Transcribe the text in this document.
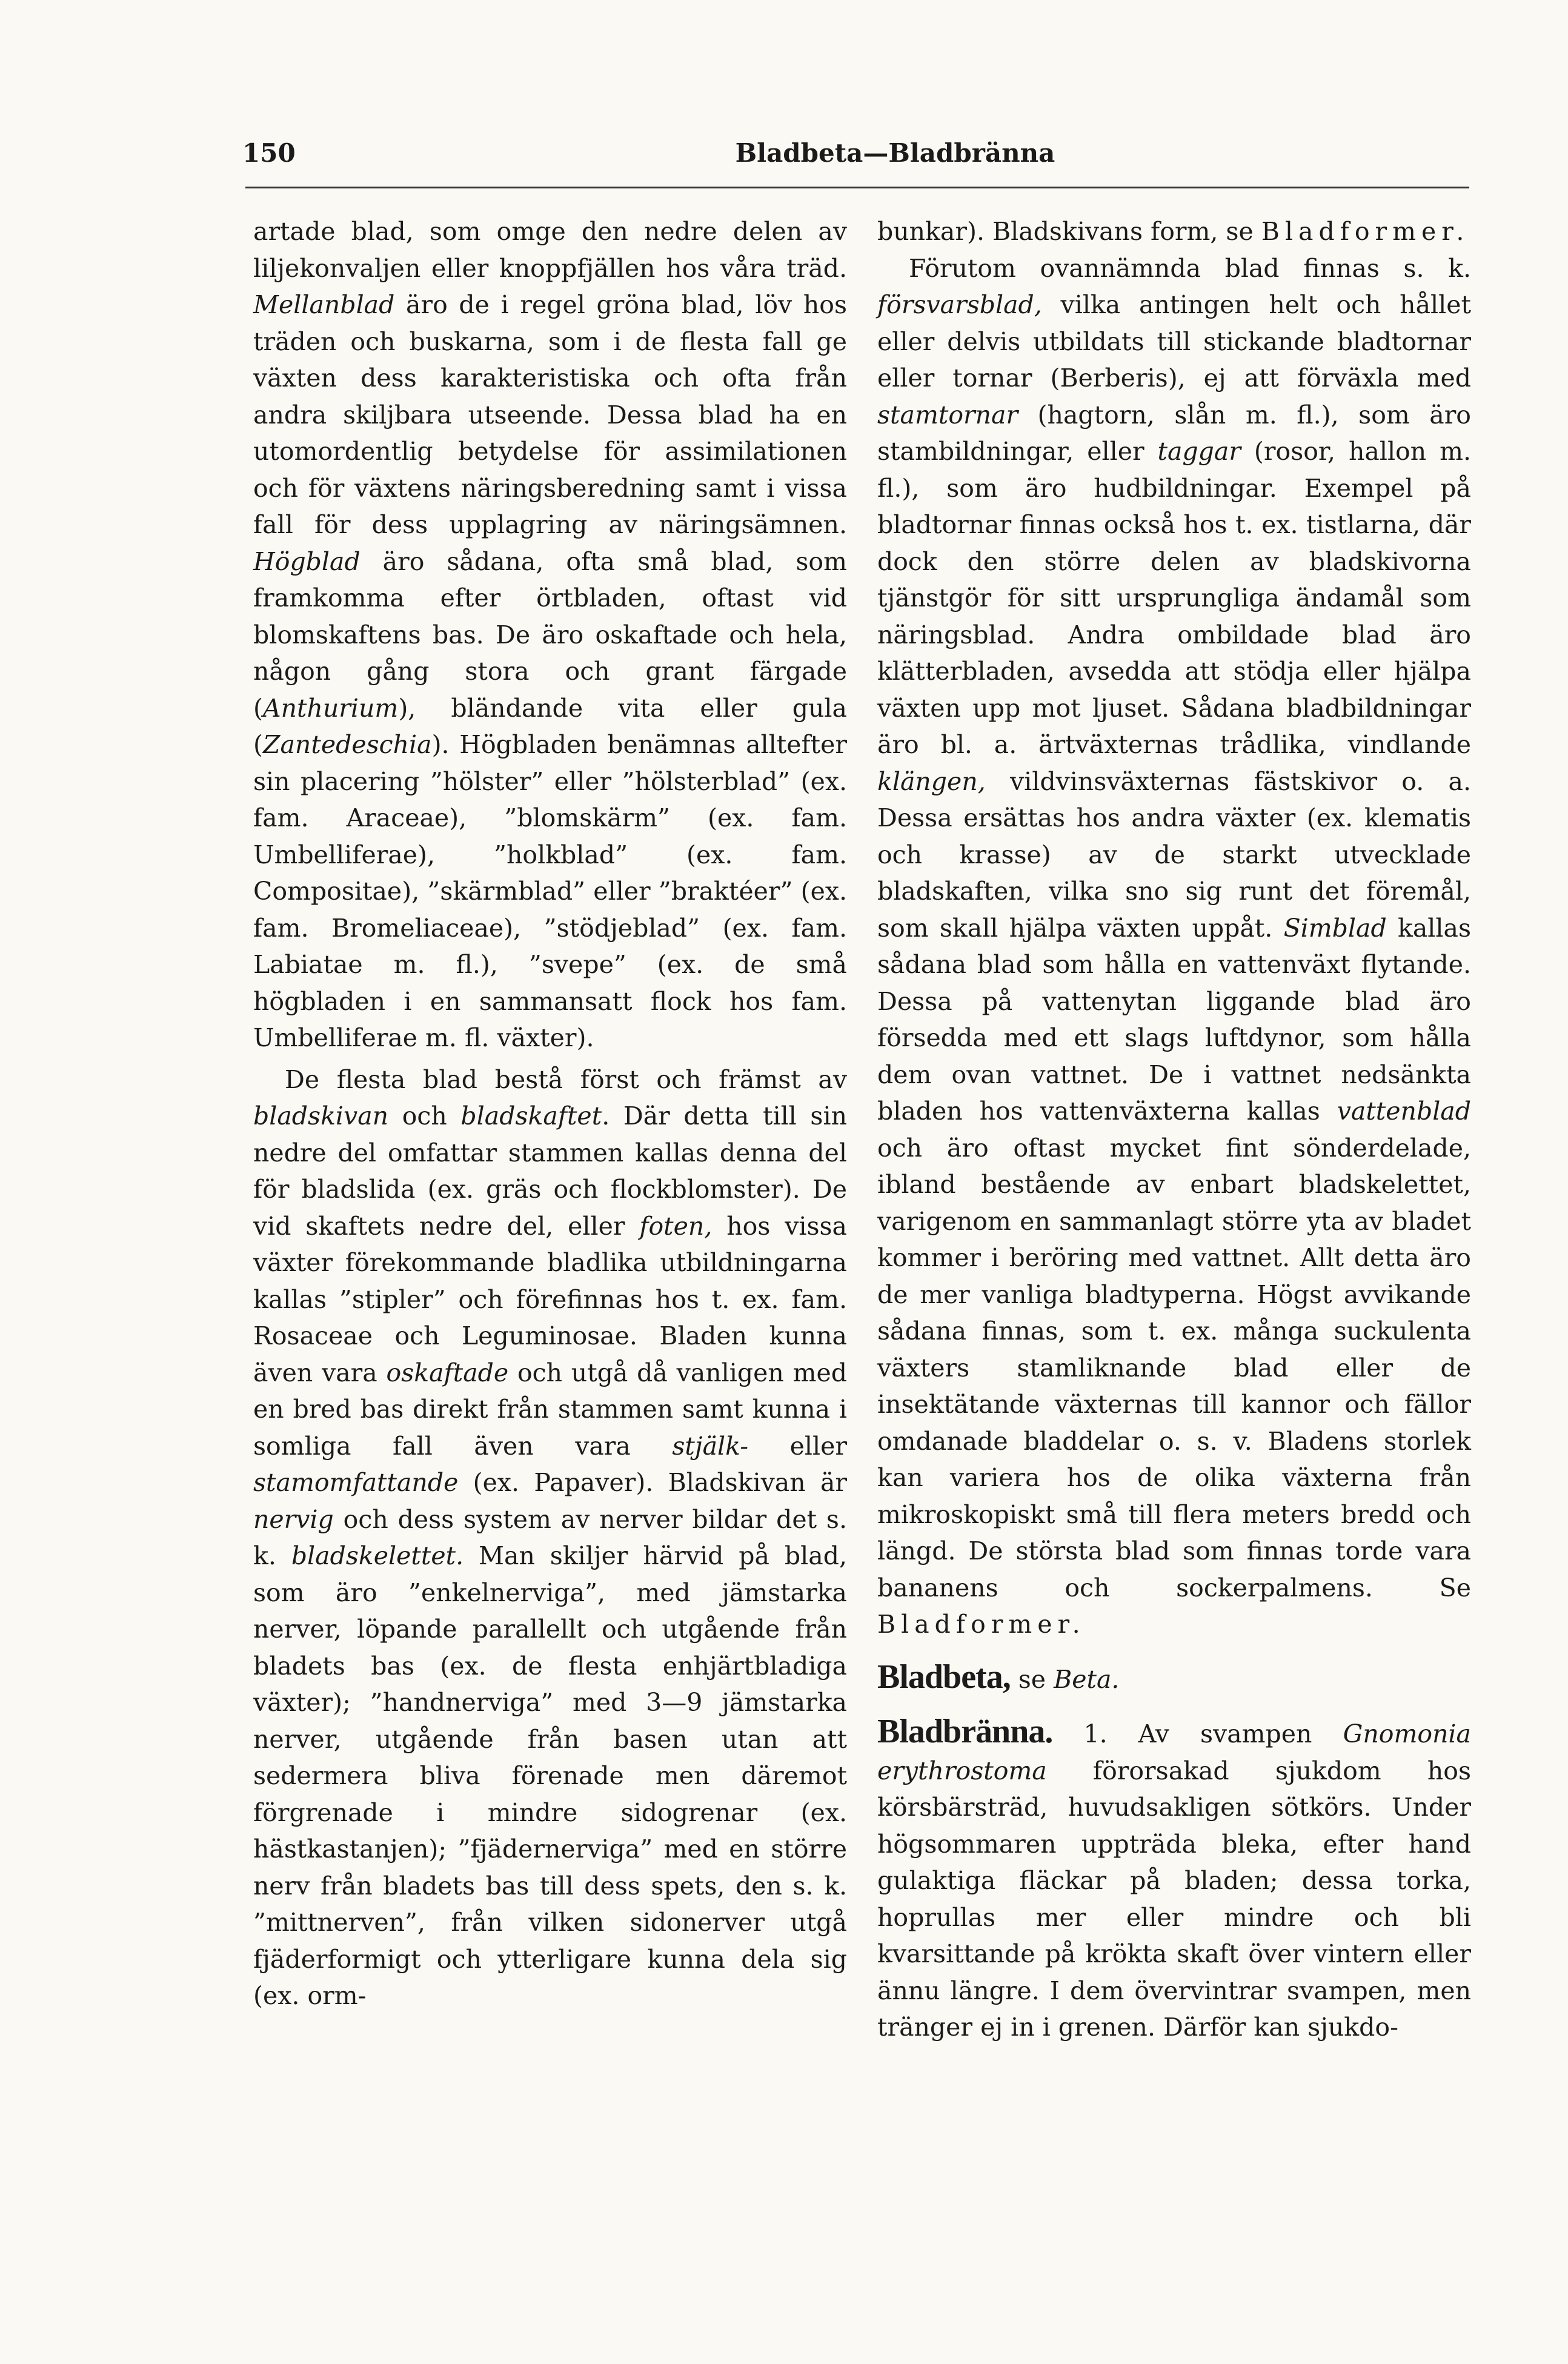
150	Bladbeta—Bladbränna

artade blad, som omge den nedre delen av liljekonvaljen eller knoppfjällen hos våra träd. Mellanblad äro de i regel gröna blad, löv hos träden och buskarna, som i de flesta fall ge växten dess karakteristiska och ofta från andra skiljbara utseende. Dessa blad ha en utomordentlig betydelse för assimilationen och för växtens näringsberedning samt i vissa fall för dess upplagring av näringsämnen. Högblad äro sådana, ofta små blad, som framkomma efter örtbladen, oftast vid blomskaftens bas. De äro oskaftade och hela, någon gång stora och grant färgade (Anthurium), bländande vita eller gula (Zantedeschia). Högbladen benämnas alltefter sin placering ”hölster” eller ”hölsterblad” (ex. fam. Araceae), ”blomskärm” (ex. fam. Umbelliferae), ”holkblad” (ex. fam. Compositae), ”skärmblad” eller ”braktéer” (ex. fam. Bromeliaceae), ”stödjeblad” (ex. fam. Labiatae m. fl.), ”svepe” (ex. de små högbladen i en sammansatt flock hos fam. Umbelliferae m. fl. växter).

De flesta blad bestå först och främst av bladskivan och bladskaftet. Där detta till sin nedre del omfattar stammen kallas denna del för bladslida (ex. gräs och flockblomster). De vid skaftets nedre del, eller foten, hos vissa växter förekommande bladlika utbildningarna kallas ”stipler” och förefinnas hos t. ex. fam. Rosaceae och Leguminosae. Bladen kunna även vara oskaftade och utgå då vanligen med en bred bas direkt från stammen samt kunna i somliga fall även vara stjälk- eller stamomfattande (ex. Papaver). Bladskivan är nervig och dess system av nerver bildar det s. k. bladskelettet. Man skiljer härvid på blad, som äro ”enkelnerviga”, med jämstarka nerver, löpande parallellt och utgående från bladets bas (ex. de flesta enhjärtbladiga växter); ”handnerviga” med 3—9 jämstarka nerver, utgående från basen utan att sedermera bliva förenade men däremot förgrenade i mindre sidogrenar (ex. hästkastanjen); ”fjädernerviga” med en större nerv från bladets bas till dess spets, den s. k. ”mittnerven”, från vilken sidonerver utgå fjäderformigt och ytterligare kunna dela sig (ex. orm-

bunkar). Bladskivans form, se Bladformer.

Förutom ovannämnda blad finnas s. k. försvarsblad, vilka antingen helt och hållet eller delvis utbildats till stickande bladtornar eller tornar (Berberis), ej att förväxla med stamtornar (hagtorn, slån m. fl.), som äro stambildningar, eller taggar (rosor, hallon m. fl.), som äro hudbildningar. Exempel på bladtornar finnas också hos t. ex. tistlarna, där dock den större delen av bladskivorna tjänstgör för sitt ursprungliga ändamål som näringsblad. Andra ombildade blad äro klätterbladen, avsedda att stödja eller hjälpa växten upp mot ljuset. Sådana bladbildningar äro bl. a. ärtväxternas trådlika, vindlande klängen, vildvinsväxternas fästskivor o. a. Dessa ersättas hos andra växter (ex. klematis och krasse) av de starkt utvecklade bladskaften, vilka sno sig runt det föremål, som skall hjälpa växten uppåt. Simblad kallas sådana blad som hålla en vattenväxt flytande. Dessa på vattenytan liggande blad äro försedda med ett slags luftdynor, som hålla dem ovan vattnet. De i vattnet nedsänkta bladen hos vattenväxterna kallas vattenblad och äro oftast mycket fint sönderdelade, ibland bestående av enbart bladskelettet, varigenom en sammanlagt större yta av bladet kommer i beröring med vattnet. Allt detta äro de mer vanliga bladtyperna. Högst avvikande sådana finnas, som t. ex. många suckulenta växters stamliknande blad eller de insektätande växternas till kannor och fällor omdanade bladdelar o. s. v. Bladens storlek kan variera hos de olika växterna från mikroskopiskt små till flera meters bredd och längd. De största blad som finnas torde vara bananens och sockerpalmens. Se Bladformer.

Bladbeta, se Beta.

Bladbränna. 1. Av svampen Gnomonia erythrostoma förorsakad sjukdom hos körsbärsträd, huvudsakligen sötkörs. Under högsommaren uppträda bleka, efter hand gulaktiga fläckar på bladen; dessa torka, hoprullas mer eller mindre och bli kvarsittande på krökta skaft över vintern eller ännu längre. I dem övervintrar svampen, men tränger ej in i grenen. Därför kan sjukdo-
